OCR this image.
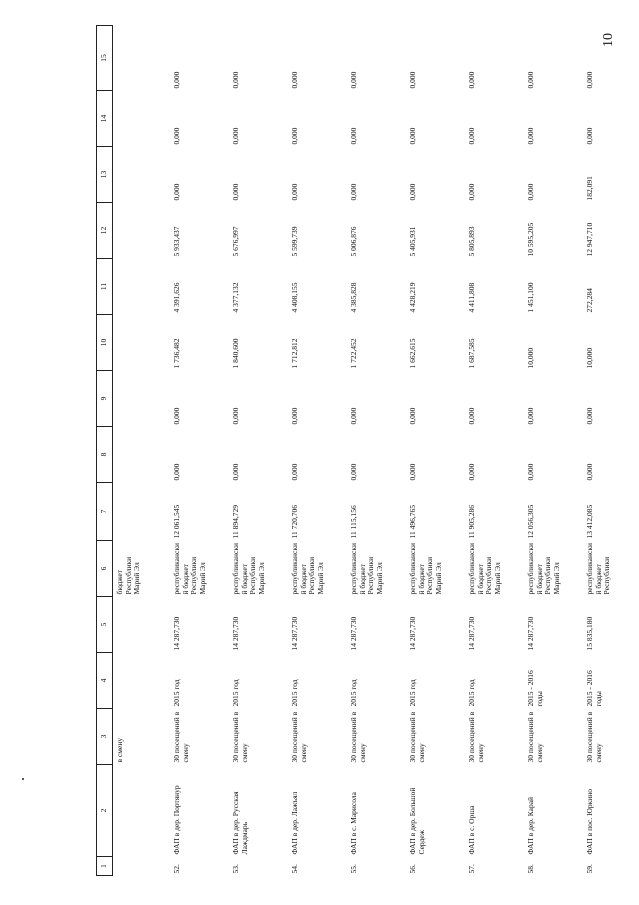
10
1	2	3	4	5	6	7	8	9	10	11	12	13	14	15
		в смену			бюджет Республики Марий Эл									
52.	ФАП в дер. Портянур	30 посещений в смену	2015 год	14 287,730	республиканский бюджет Республики Марий Эл	12 061,545	0,000	0,000	1 736,482	4 391,626	5 933,437	0,000	0,000	0,000
53.	ФАП в дер. Русская Лаждмарь	30 посещений в смену	2015 год	14 287,730	республиканский бюджет Республики Марий Эл	11 894,729	0,000	0,000	1 840,600	4 377,132	5 676,997	0,000	0,000	0,000
54.	ФАП в дер. Лажъял	30 посещений в смену	2015 год	14 287,730	республиканский бюджет Республики Марий Эл	11 720,706	0,000	0,000	1 712,812	4 408,155	5 599,739	0,000	0,000	0,000
55.	ФАП в с. Марисола	30 посещений в смену	2015 год	14 287,730	республиканский бюджет Республики Марий Эл	11 115,156	0,000	0,000	1 722,452	4 385,828	5 006,876	0,000	0,000	0,000
56.	ФАП в дер. Большой Сердеж	30 посещений в смену	2015 год	14 287,730	республиканский бюджет Республики Марий Эл	11 496,765	0,000	0,000	1 662,615	4 428,219	5 405,931	0,000	0,000	0,000
57.	ФАП в с. Орша	30 посещений в смену	2015 год	14 287,730	республиканский бюджет Республики Марий Эл	11 905,286	0,000	0,000	1 687,585	4 411,808	5 805,893	0,000	0,000	0,000
58.	ФАП в дер. Карай	30 посещений в смену	2015 - 2016 годы	14 287,730	республиканский бюджет Республики Марий Эл	12 056,305	0,000	0,000	10,000	1 451,100	10 595,205	0,000	0,000	0,000
59.	ФАП в пос. Юркино	30 посещений в смену	2015 - 2016 годы	15 835,180	республиканский бюджет Республики	13 412,085	0,000	0,000	10,000	272,284	12 947,710	182,091	0,000	0,000
